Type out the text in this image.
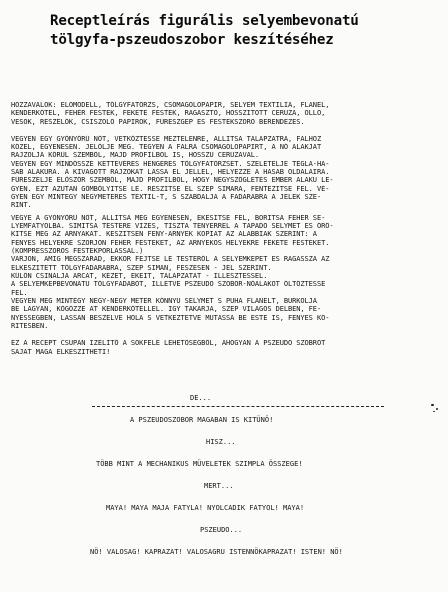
Receptleírás figurális selyembevonatú
tölgyfa-pszeudoszobor keszítéséhez
HOZZAVALOK: ELOMODELL, TÖLGYFATÖRZS, CSOMAGOLOPAPIR, SELYEM TEXTILIA, FLANEL,
KENDERKÖTEL, FEHÉR FESTEK, FEKETE FESTEK, RAGASZTO, HOSSZITOTT CERUZA, OLLO,
VESOK, RESZELÖK, CSISZOLO PAPIROK, FÜRESZGEP ES FESTEKSZORO BERENDEZES.
VEGYEN EGY GYÖNYÖRÜ NÖT, VETKÖZTESSE MEZTELENRE, ALLITSA TALAPZATRA, FALHOZ
KÖZEL, EGYENESEN. JELÖLJE MEG. TEGYEN A FALRA CSOMAGOLOPAPIRT, A NÖ ALAKJAT
RAJZOLJA KÖRÜL SZEMBÖL, MAJD PROFILBOL IS, HOSSZU CERUZAVAL.
VEGYEN EGY MINDÖSSZE KETTEVÉRES HENGERES TÖLGYFATÖRZSET. SZELETELJE TEGLA-HA-
SAB ALAKURA. A KIVAGOTT RAJZOKAT LASSA EL JELLEL, HELYEZZE A HASAB OLDALAIRA.
FÜRESZELJE ELÖSZÖR SZEMBÖL, MAJD PROFILBOL, HOGY NEGYSZÖGLETES EMBER ALAKU LE-
GYEN. EZT AZUTAN GÖMBÖLYITSE LE. RESZITSE EL SZEP SIMARA, FENTEZITSE FEL. VE-
GYEN EGY MINTEGY NEGYMETERES TEXTIL-T, S SZABDALJA A FADARABRA A JELEK SZE-
RINT.
VEGYE A GYÖNYÖRÜ NÖT, ALLITSA MEG EGYENESEN, EKESITSE FEL, BORITSA FEHER SE-
LYEMFATYOLBA. SIMITSA TESTERE VIZES, TISZTA TENYERREL A TAPADO SELYMET ES ÖRÖ-
KITSE MEG AZ ARNYAKAT. KESZITSEN FENY-ARNYEK KOPIAT AZ ALABBIAK SZERINT: A
FENYES HELYEKRE SZORJON FEHER FESTEKET, AZ ARNYEKOS HELYEKRE FEKETE FESTEKET.
(KOMPRESSZOROS FESTEKPORLASSAL.)
VARJON, AMIG MEGSZARAD, EKKOR FEJTSE LE TESTERÖL A SELYEMKEPET ES RAGASSZA AZ
ELKESZITETT TÖLGYFADARABRA, SZEP SIMAN, FESZESEN - JEL SZERINT.
KÜLÖN CSINALJA ARCAT, KEZET, EKEIT, TALAPZATAT - ILLESZTESSEL.
A SELYEMKEPBEVONATU TÖLGYFADABOT, ILLETVE PSZEUDO SZOBOR-NÖALAKOT ÖLTÖZTESSE
FEL.
VEGYEN MEG MINTEGY NEGY-NEGY METER KÖNNYÜ SELYMET S PUHA FLANELT, BURKOLJA
BE LAGYAN, KÖGÖZZE AT KENDERKÖTELLEL. IGY TAKARJA, SZEP VILAGOS DELBEN, FE-
NYESSEGBEN, LASSAN BESZELVE HOLA S VETKEZTETVE MUTASSA BE ESTE IS, FENYES KÖ-
RITESBEN.
EZ A RECEPT CSUPAN IZELITÖ A SOKFELE LEHETÖSEGBÖL, AHOGYAN A PSZEUDO SZOBROT
SAJAT MAGA ELKESZITHETI!
DE...
A PSZEUDOSZOBOR MAGABAN IS KITÜNÖ!
HISZ...
TÖBB MINT A MECHANIKUS MÜVELETEK SZIMPLA ÖSSZEGE!
MERT...
MAYA! MAYA MAJA FATYLA! NYOLCADIK FATYOL! MAYA!
PSZEUDO...
NÖ! VALOSAG! KAPRAZAT! VALOSAGRU ISTENNÖKAPRAZAT! ISTEN! NÖ!
